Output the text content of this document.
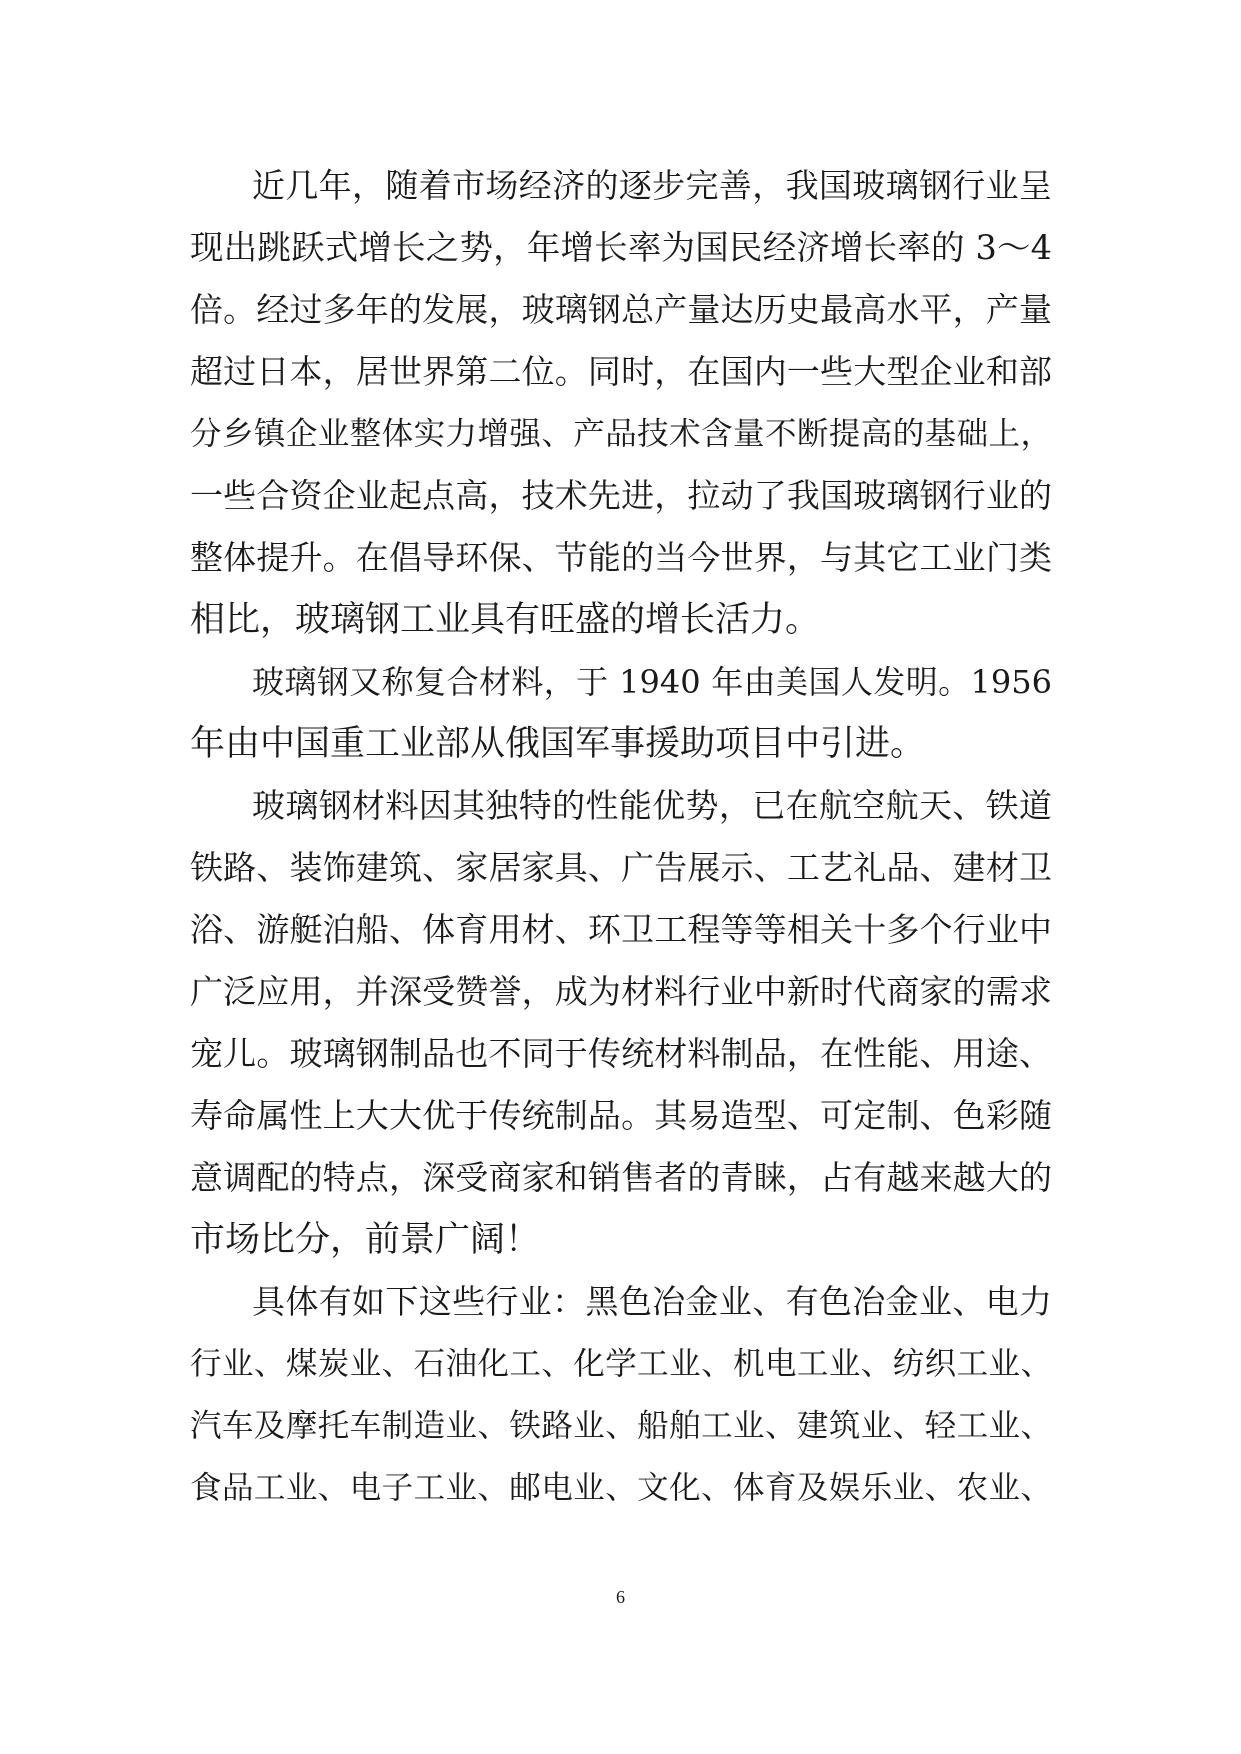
近几年，随着市场经济的逐步完善，我国玻璃钢行业呈
现出跳跃式增长之势，年增长率为国民经济增长率的 3～4
倍。经过多年的发展，玻璃钢总产量达历史最高水平，产量
超过日本，居世界第二位。同时，在国内一些大型企业和部
分乡镇企业整体实力增强、产品技术含量不断提高的基础上，
一些合资企业起点高，技术先进，拉动了我国玻璃钢行业的
整体提升。在倡导环保、节能的当今世界，与其它工业门类
相比，玻璃钢工业具有旺盛的增长活力。
玻璃钢又称复合材料，于 1940 年由美国人发明。1956
年由中国重工业部从俄国军事援助项目中引进。
玻璃钢材料因其独特的性能优势，已在航空航天、铁道
铁路、装饰建筑、家居家具、广告展示、工艺礼品、建材卫
浴、游艇泊船、体育用材、环卫工程等等相关十多个行业中
广泛应用，并深受赞誉，成为材料行业中新时代商家的需求
宠儿。玻璃钢制品也不同于传统材料制品，在性能、用途、
寿命属性上大大优于传统制品。其易造型、可定制、色彩随
意调配的特点，深受商家和销售者的青睐，占有越来越大的
市场比分，前景广阔！
具体有如下这些行业：黑色冶金业、有色冶金业、电力
行业、煤炭业、石油化工、化学工业、机电工业、纺织工业、
汽车及摩托车制造业、铁路业、船舶工业、建筑业、轻工业、
食品工业、电子工业、邮电业、文化、体育及娱乐业、农业、
6
